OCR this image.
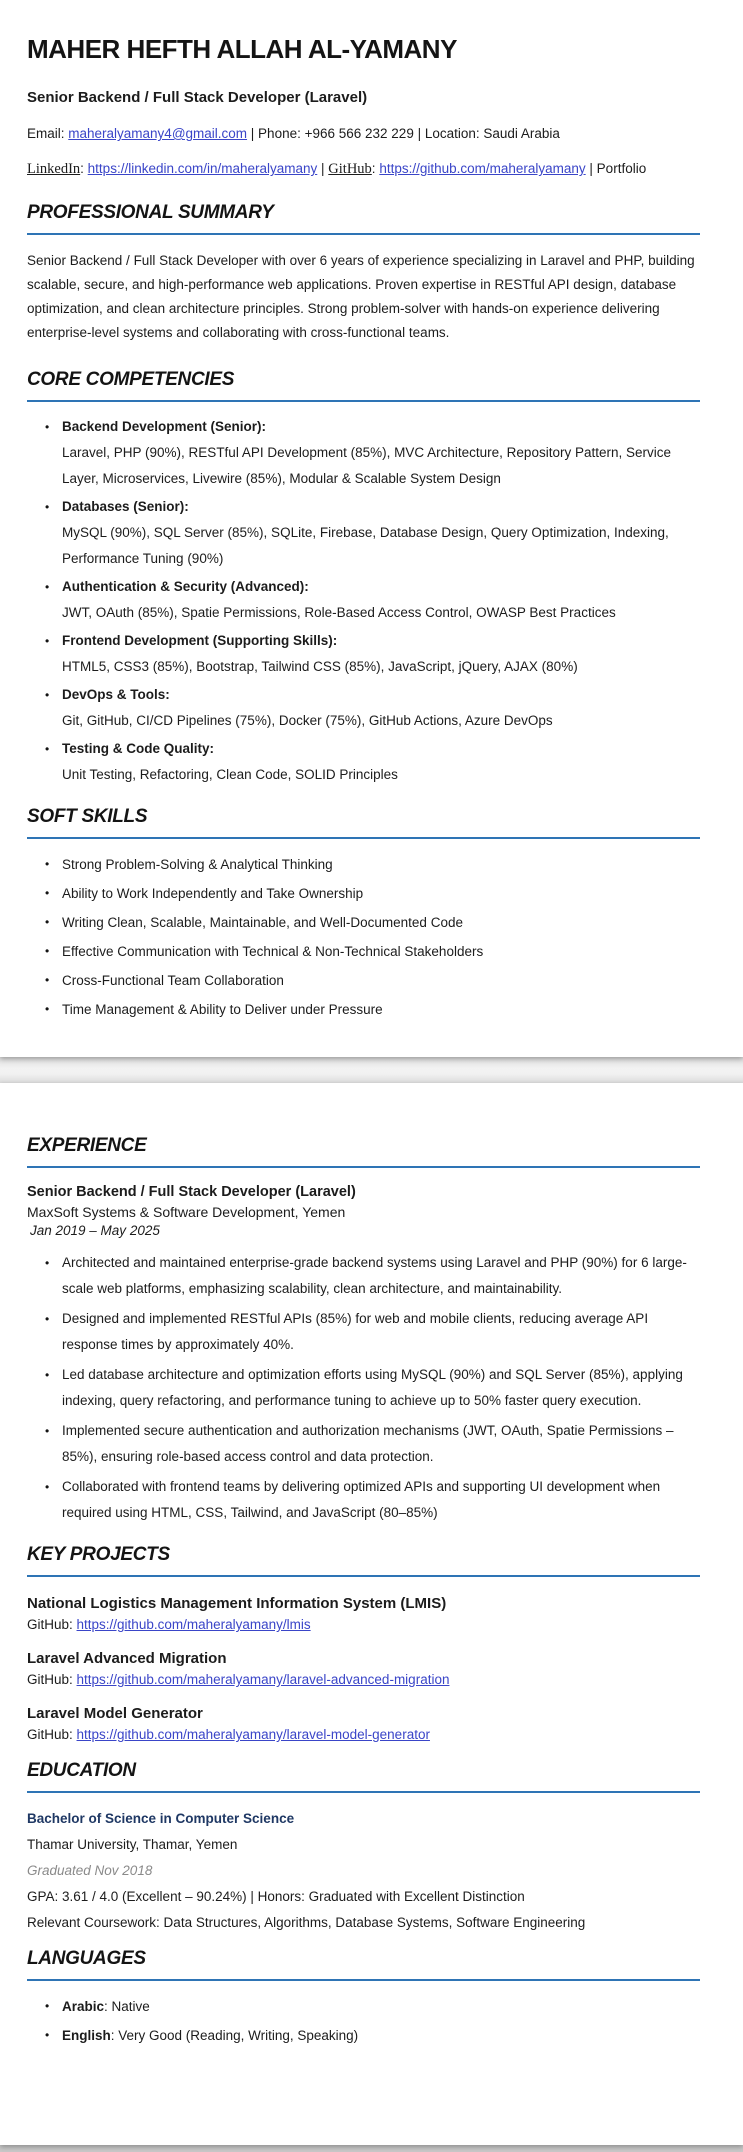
MAHER HEFTH ALLAH AL-YAMANY

Senior Backend / Full Stack Developer (Laravel)

Email: maheralyamany4@gmail.com | Phone: +966 566 232 229 | Location: Saudi Arabia

LinkedIn: https://linkedin.com/in/maheralyamany | GitHub: https://github.com/maheralyamany | Portfolio

PROFESSIONAL SUMMARY

Senior Backend / Full Stack Developer with over 6 years of experience specializing in Laravel and PHP, building scalable, secure, and high-performance web applications. Proven expertise in RESTful API design, database optimization, and clean architecture principles. Strong problem-solver with hands-on experience delivering enterprise-level systems and collaborating with cross-functional teams.

CORE COMPETENCIES
• Backend Development (Senior):
Laravel, PHP (90%), RESTful API Development (85%), MVC Architecture, Repository Pattern, Service Layer, Microservices, Livewire (85%), Modular & Scalable System Design
• Databases (Senior):
MySQL (90%), SQL Server (85%), SQLite, Firebase, Database Design, Query Optimization, Indexing, Performance Tuning (90%)
• Authentication & Security (Advanced):
JWT, OAuth (85%), Spatie Permissions, Role-Based Access Control, OWASP Best Practices
• Frontend Development (Supporting Skills):
HTML5, CSS3 (85%), Bootstrap, Tailwind CSS (85%), JavaScript, jQuery, AJAX (80%)
• DevOps & Tools:
Git, GitHub, CI/CD Pipelines (75%), Docker (75%), GitHub Actions, Azure DevOps
• Testing & Code Quality:
Unit Testing, Refactoring, Clean Code, SOLID Principles
SOFT SKILLS
• Strong Problem-Solving & Analytical Thinking
• Ability to Work Independently and Take Ownership
• Writing Clean, Scalable, Maintainable, and Well-Documented Code
• Effective Communication with Technical & Non-Technical Stakeholders
• Cross-Functional Team Collaboration
• Time Management & Ability to Deliver under Pressure
EXPERIENCE

Senior Backend / Full Stack Developer (Laravel)

MaxSoft Systems & Software Development, Yemen

Jan 2019 – May 2025

• Architected and maintained enterprise-grade backend systems using Laravel and PHP (90%) for 6 large-scale web platforms, emphasizing scalability, clean architecture, and maintainability.
• Designed and implemented RESTful APIs (85%) for web and mobile clients, reducing average API response times by approximately 40%.
• Led database architecture and optimization efforts using MySQL (90%) and SQL Server (85%), applying indexing, query refactoring, and performance tuning to achieve up to 50% faster query execution.
• Implemented secure authentication and authorization mechanisms (JWT, OAuth, Spatie Permissions – 85%), ensuring role-based access control and data protection.
• Collaborated with frontend teams by delivering optimized APIs and supporting UI development when required using HTML, CSS, Tailwind, and JavaScript (80–85%)
KEY PROJECTS

National Logistics Management Information System (LMIS)

GitHub: https://github.com/maheralyamany/lmis

Laravel Advanced Migration

GitHub: https://github.com/maheralyamany/laravel-advanced-migration

Laravel Model Generator

GitHub: https://github.com/maheralyamany/laravel-model-generator

EDUCATION

Bachelor of Science in Computer Science

Thamar University, Thamar, Yemen

Graduated Nov 2018

GPA: 3.61 / 4.0 (Excellent – 90.24%) | Honors: Graduated with Excellent Distinction

Relevant Coursework: Data Structures, Algorithms, Database Systems, Software Engineering

LANGUAGES
• Arabic: Native
• English: Very Good (Reading, Writing, Speaking)
